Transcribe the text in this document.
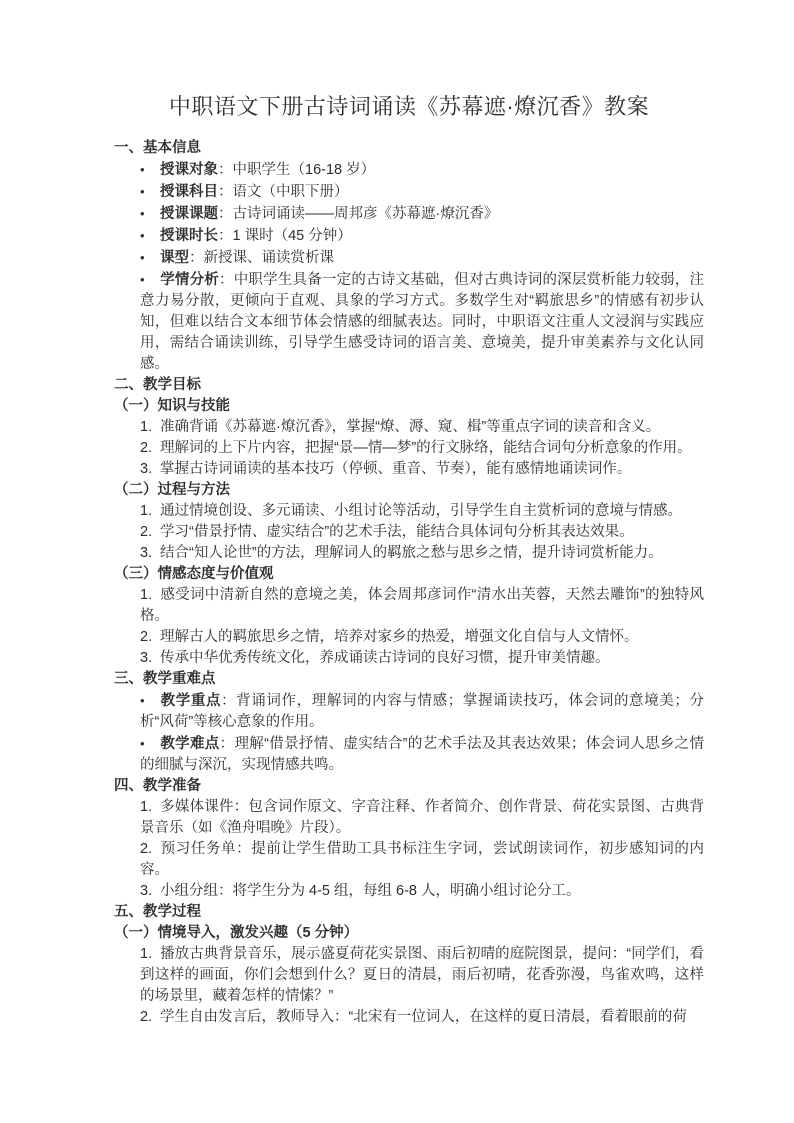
中职语文下册古诗词诵读《苏幕遮·燎沉香》教案
一、基本信息
• 授课对象：中职学生（16-18 岁）
• 授课科目：语文（中职下册）
• 授课课题：古诗词诵读——周邦彦《苏幕遮·燎沉香》
• 授课时长：1 课时（45 分钟）
• 课型：新授课、诵读赏析课
• 学情分析：中职学生具备一定的古诗文基础，但对古典诗词的深层赏析能力较弱，注意力易分散，更倾向于直观、具象的学习方式。多数学生对“羁旅思乡”的情感有初步认知，但难以结合文本细节体会情感的细腻表达。同时，中职语文注重人文浸润与实践应用，需结合诵读训练，引导学生感受诗词的语言美、意境美，提升审美素养与文化认同感。
二、教学目标
（一）知识与技能
1. 准确背诵《苏幕遮·燎沉香》，掌握“燎、溽、窥、楫”等重点字词的读音和含义。
2. 理解词的上下片内容，把握“景—情—梦”的行文脉络，能结合词句分析意象的作用。
3. 掌握古诗词诵读的基本技巧（停顿、重音、节奏），能有感情地诵读词作。
（二）过程与方法
1. 通过情境创设、多元诵读、小组讨论等活动，引导学生自主赏析词的意境与情感。
2. 学习“借景抒情、虚实结合”的艺术手法，能结合具体词句分析其表达效果。
3. 结合“知人论世”的方法，理解词人的羁旅之愁与思乡之情，提升诗词赏析能力。
（三）情感态度与价值观
1. 感受词中清新自然的意境之美，体会周邦彦词作“清水出芙蓉，天然去雕饰”的独特风格。
2. 理解古人的羁旅思乡之情，培养对家乡的热爱，增强文化自信与人文情怀。
3. 传承中华优秀传统文化，养成诵读古诗词的良好习惯，提升审美情趣。
三、教学重难点
• 教学重点：背诵词作，理解词的内容与情感；掌握诵读技巧，体会词的意境美；分析“风荷”等核心意象的作用。
• 教学难点：理解“借景抒情、虚实结合”的艺术手法及其表达效果；体会词人思乡之情的细腻与深沉，实现情感共鸣。
四、教学准备
1. 多媒体课件：包含词作原文、字音注释、作者简介、创作背景、荷花实景图、古典背景音乐（如《渔舟唱晚》片段）。
2. 预习任务单：提前让学生借助工具书标注生字词，尝试朗读词作，初步感知词的内容。
3. 小组分组：将学生分为 4-5 组，每组 6-8 人，明确小组讨论分工。
五、教学过程
（一）情境导入，激发兴趣（5 分钟）
1. 播放古典背景音乐，展示盛夏荷花实景图、雨后初晴的庭院图景，提问：“同学们，看到这样的画面，你们会想到什么？夏日的清晨，雨后初晴，花香弥漫，鸟雀欢鸣，这样的场景里，藏着怎样的情愫？”
2. 学生自由发言后，教师导入：“北宋有一位词人，在这样的夏日清晨，看着眼前的荷
